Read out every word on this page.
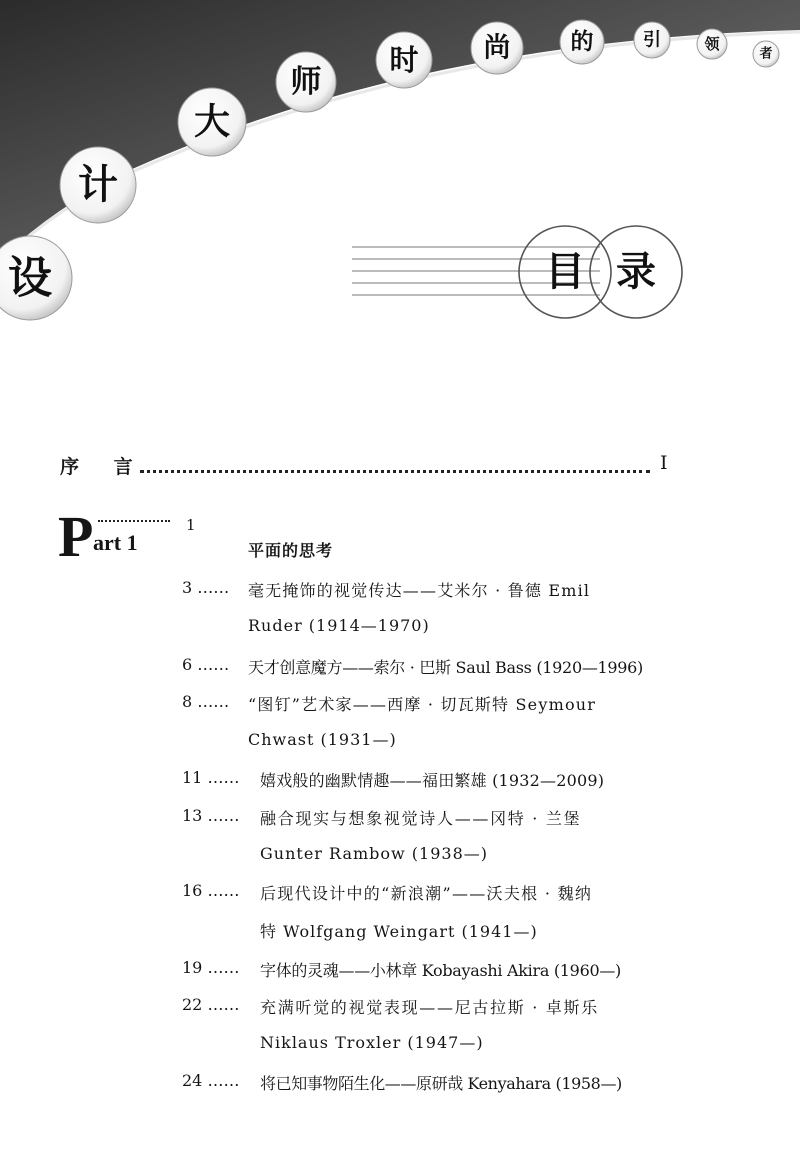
设
计
大
师
时 尚	的	引	领
者
目 录
序 言	I
P art 1
1
平面的思考
3 …… 毫无掩饰的视觉传达——艾米尔 · 鲁德 Emil
Ruder (1914—1970)
6 …… 天才创意魔方——索尔 · 巴斯 Saul Bass (1920—1996)
8 …… “图钉”艺术家——西摩 · 切瓦斯特 Seymour
Chwast (1931—)
11 …… 嬉戏般的幽默情趣——福田繁雄 (1932—2009)
13 …… 融合现实与想象视觉诗人——冈特 · 兰堡
Gunter Rambow (1938—)
16 …… 后现代设计中的“新浪潮”——沃夫根 · 魏纳
特 Wolfgang Weingart (1941—)
19 …… 字体的灵魂——小林章 Kobayashi Akira (1960—)
22 …… 充满听觉的视觉表现——尼古拉斯 · 卓斯乐
Niklaus Troxler (1947—)
24 …… 将已知事物陌生化——原研哉 Kenyahara (1958—)
